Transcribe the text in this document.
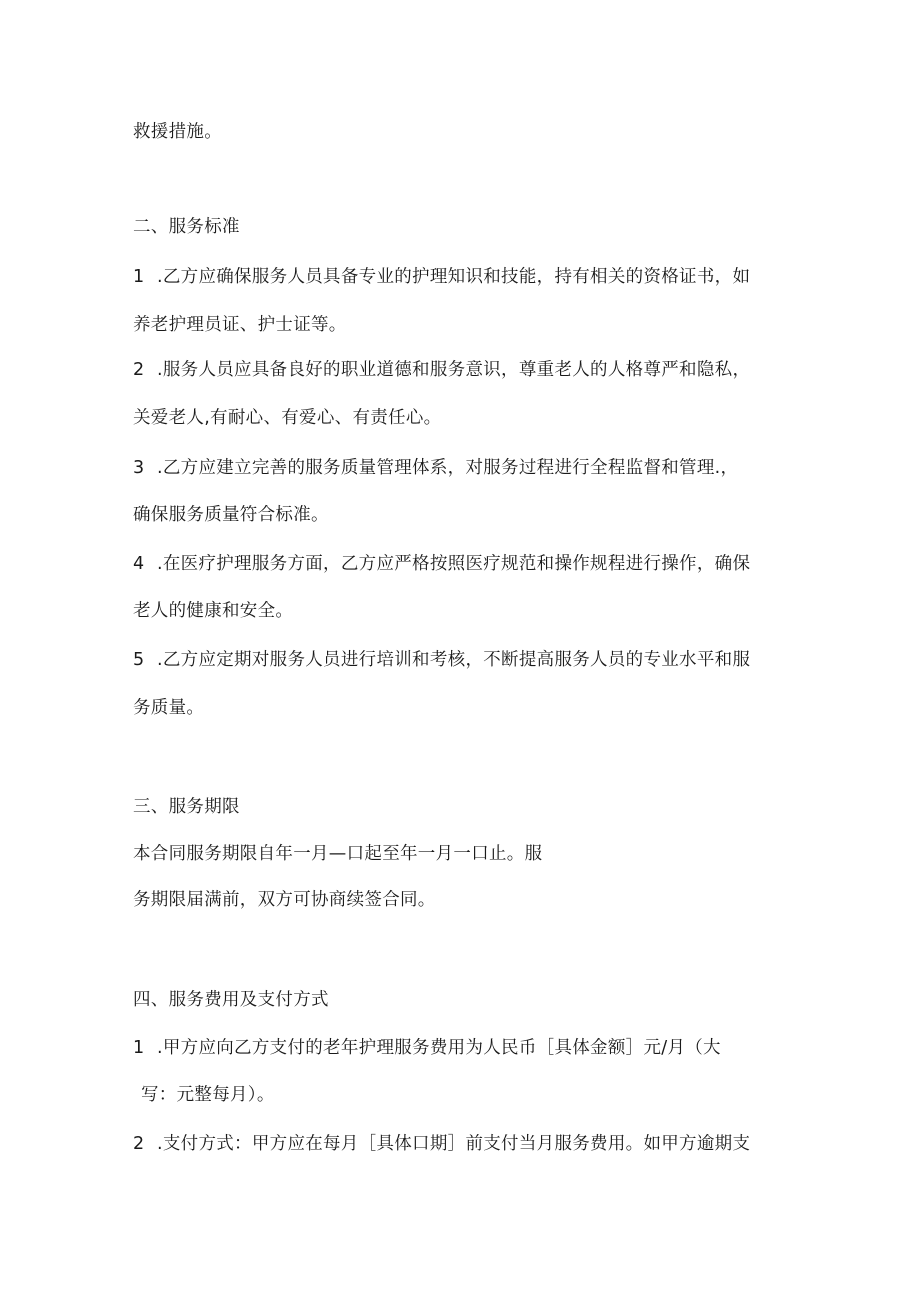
救援措施。
二、服务标准
1 .乙方应确保服务人员具备专业的护理知识和技能，持有相关的资格证书，如
养老护理员证、护士证等。
2 .服务人员应具备良好的职业道德和服务意识，尊重老人的人格尊严和隐私，
关爱老人,有耐心、有爱心、有责任心。
3 .乙方应建立完善的服务质量管理体系，对服务过程进行全程监督和管理.，
确保服务质量符合标准。
4 .在医疗护理服务方面，乙方应严格按照医疗规范和操作规程进行操作，确保
老人的健康和安全。
5 .乙方应定期对服务人员进行培训和考核，不断提高服务人员的专业水平和服
务质量。
三、服务期限
本合同服务期限自年一月—口起至年一月一口止。服
务期限届满前，双方可协商续签合同。
四、服务费用及支付方式
1 .甲方应向乙方支付的老年护理服务费用为人民币［具体金额］元/月（大
写：元整每月）。
2 .支付方式：甲方应在每月［具体口期］前支付当月服务费用。如甲方逾期支
